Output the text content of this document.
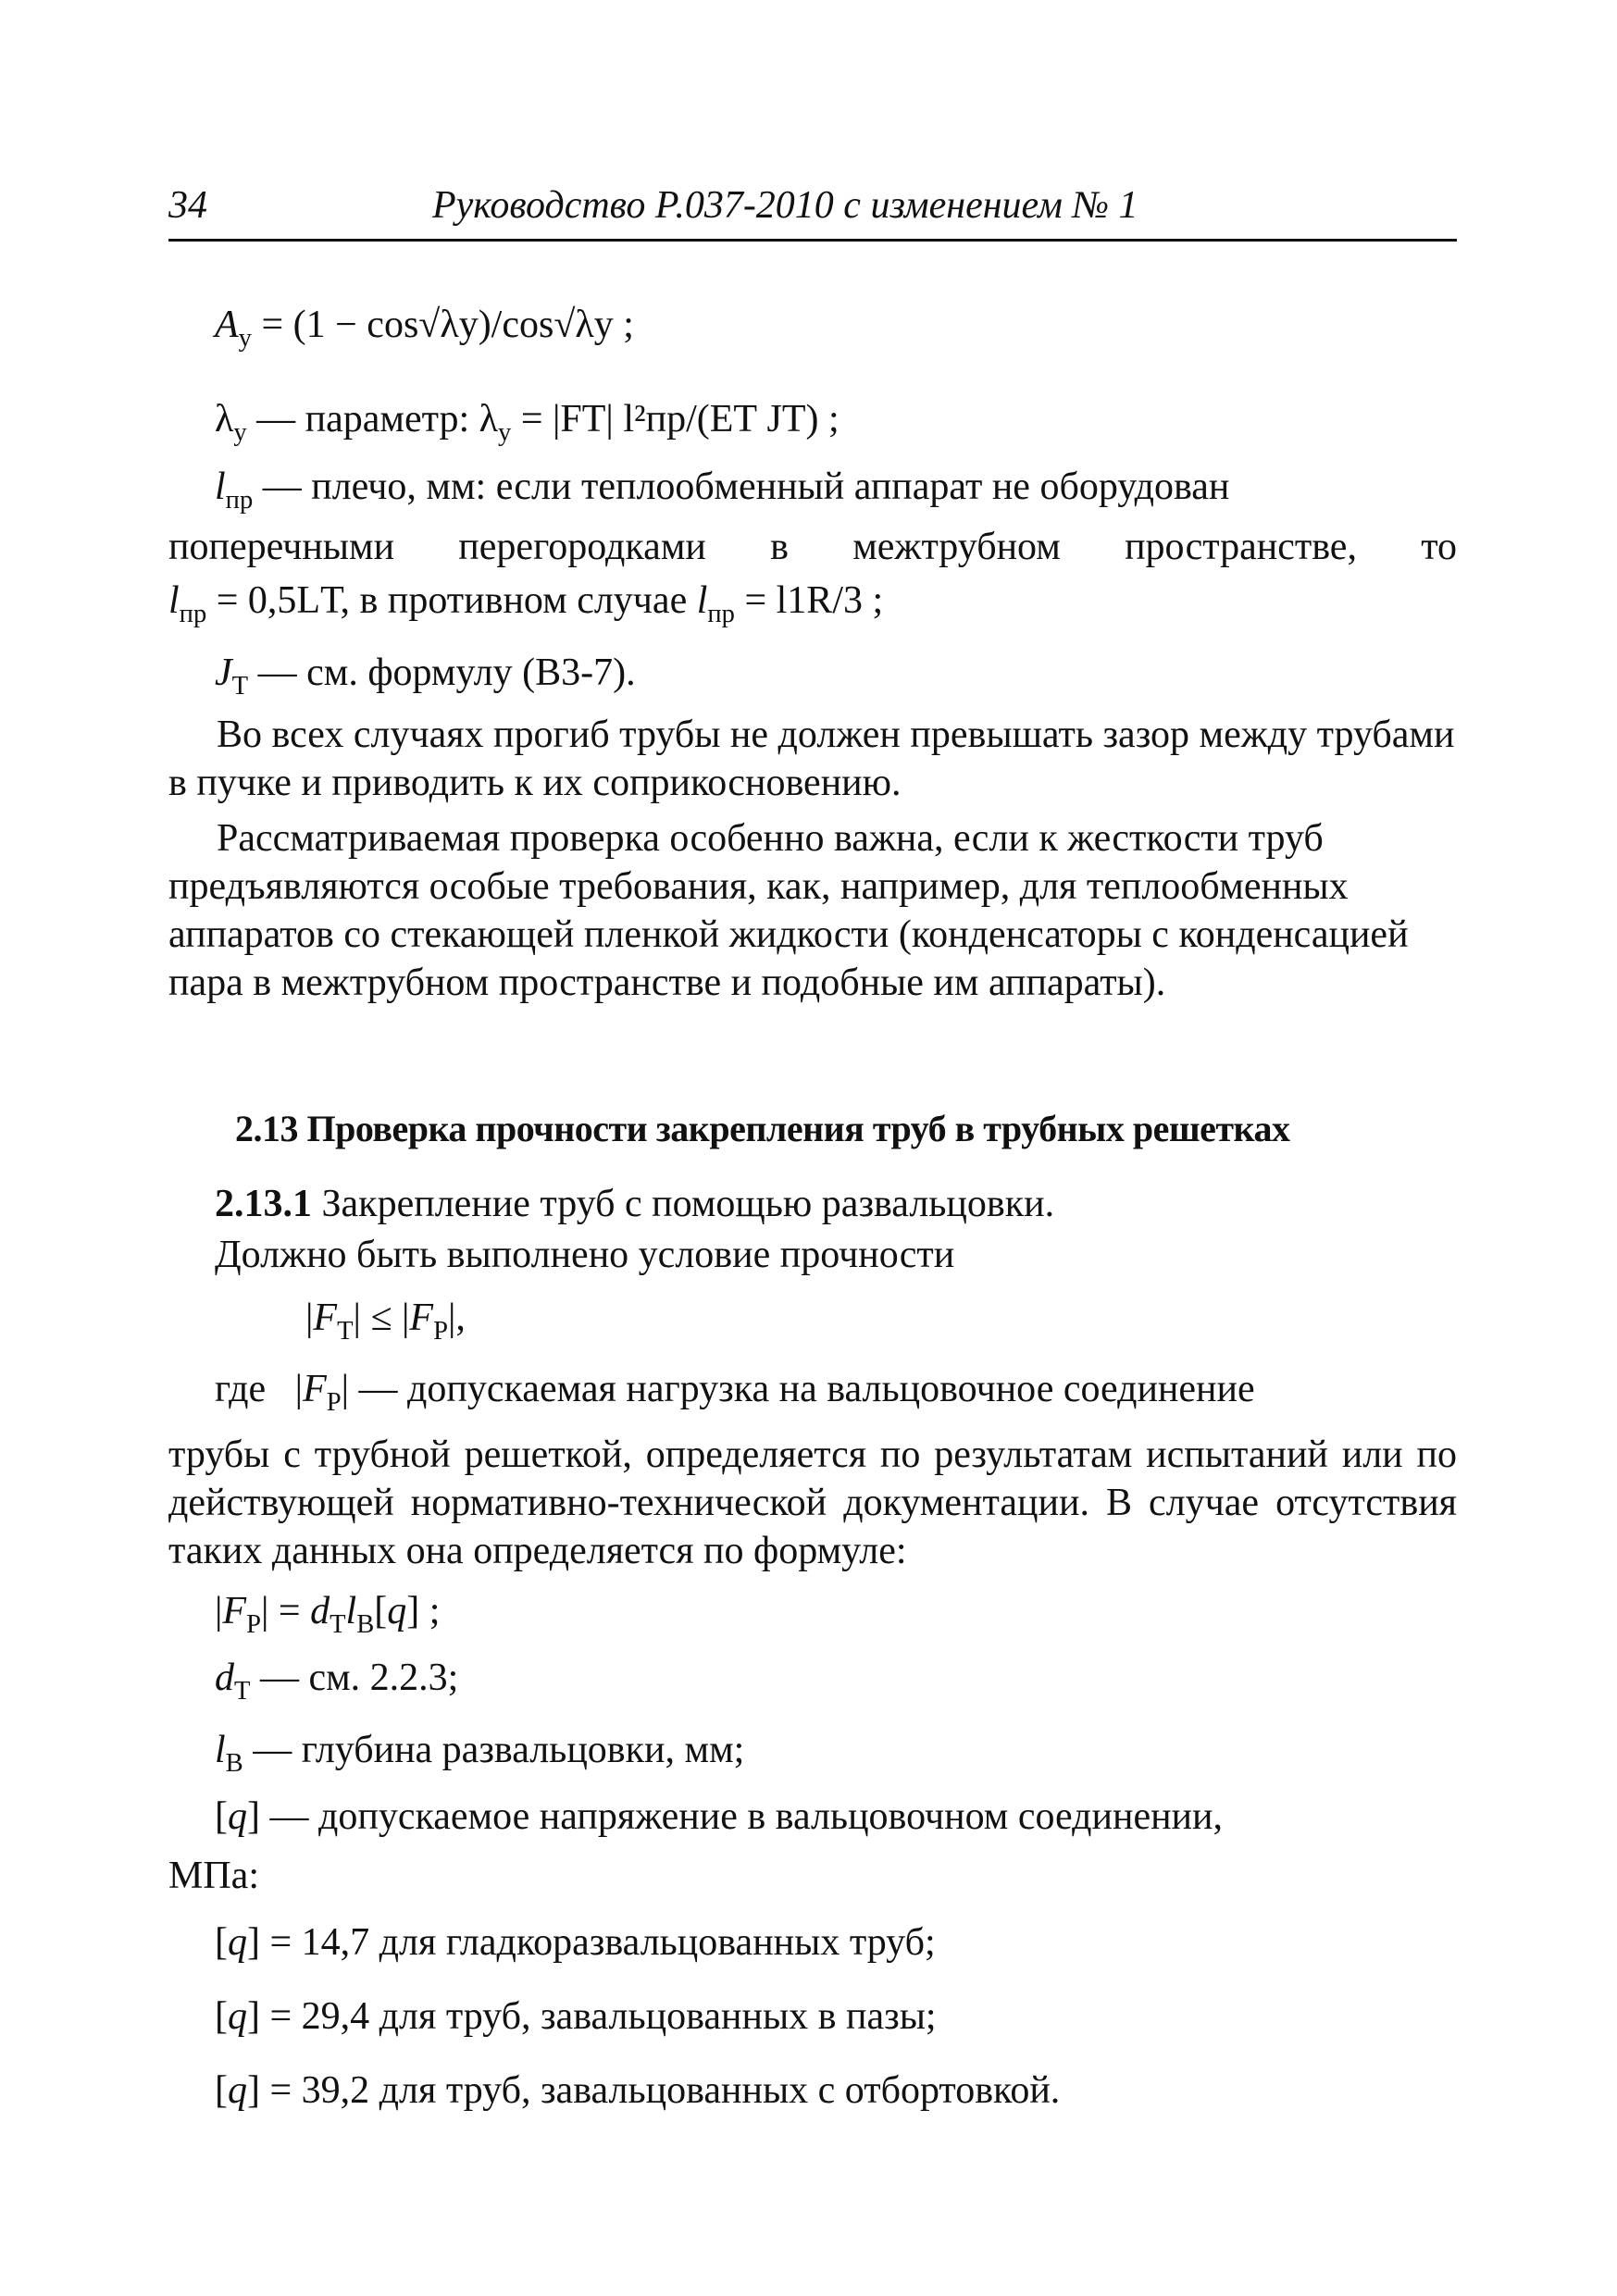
34	Руководство Р.037-2010 с изменением № 1
$A_у = (1 - \cos√\lambda у)/\cos√\lambda у$ ;
$\lambda_у$ — параметр: $\lambda_у = |FТ|$ l²пр/(EТ JТ) ;
$l_{пр}$ — плечо, мм: если теплообменный аппарат не оборудован
поперечными перегородками в межтрубном пространстве, то
$l_{пр} = 0,5LТ$, в противном случае $l_{пр} = l1R/3$ ;
$J_Т$ — см. формулу (В3-7).
Во всех случаях прогиб трубы не должен превышать зазор между трубами в пучке и приводить к их соприкосновению.
Рассматриваемая проверка особенно важна, если к жесткости труб предъявляются особые требования, как, например, для теплообменных аппаратов со стекающей пленкой жидкости (конденсаторы с конденсацией пара в межтрубном пространстве и подобные им аппараты).
2.13 Проверка прочности закрепления труб в трубных решетках
2.13.1 Закрепление труб с помощью развальцовки.
Должно быть выполнено условие прочности
$|F_Т| \le |F_Р|$,
где   $|F_Р|$ — допускаемая нагрузка на вальцовочное соединение
трубы с трубной решеткой, определяется по результатам испытаний или по действующей нормативно-технической документации. В случае отсутствия таких данных она определяется по формуле:
$|F_Р| = d_Тl_В[q]$ ;
$d_Т$ — см. 2.2.3;
$l_В$ — глубина развальцовки, мм;
[q] — допускаемое напряжение в вальцовочном соединении,
МПа:
[q] = 14,7 для гладкоразвальцованных труб;
[q] = 29,4 для труб, завальцованных в пазы;
[q] = 39,2 для труб, завальцованных с отбортовкой.
